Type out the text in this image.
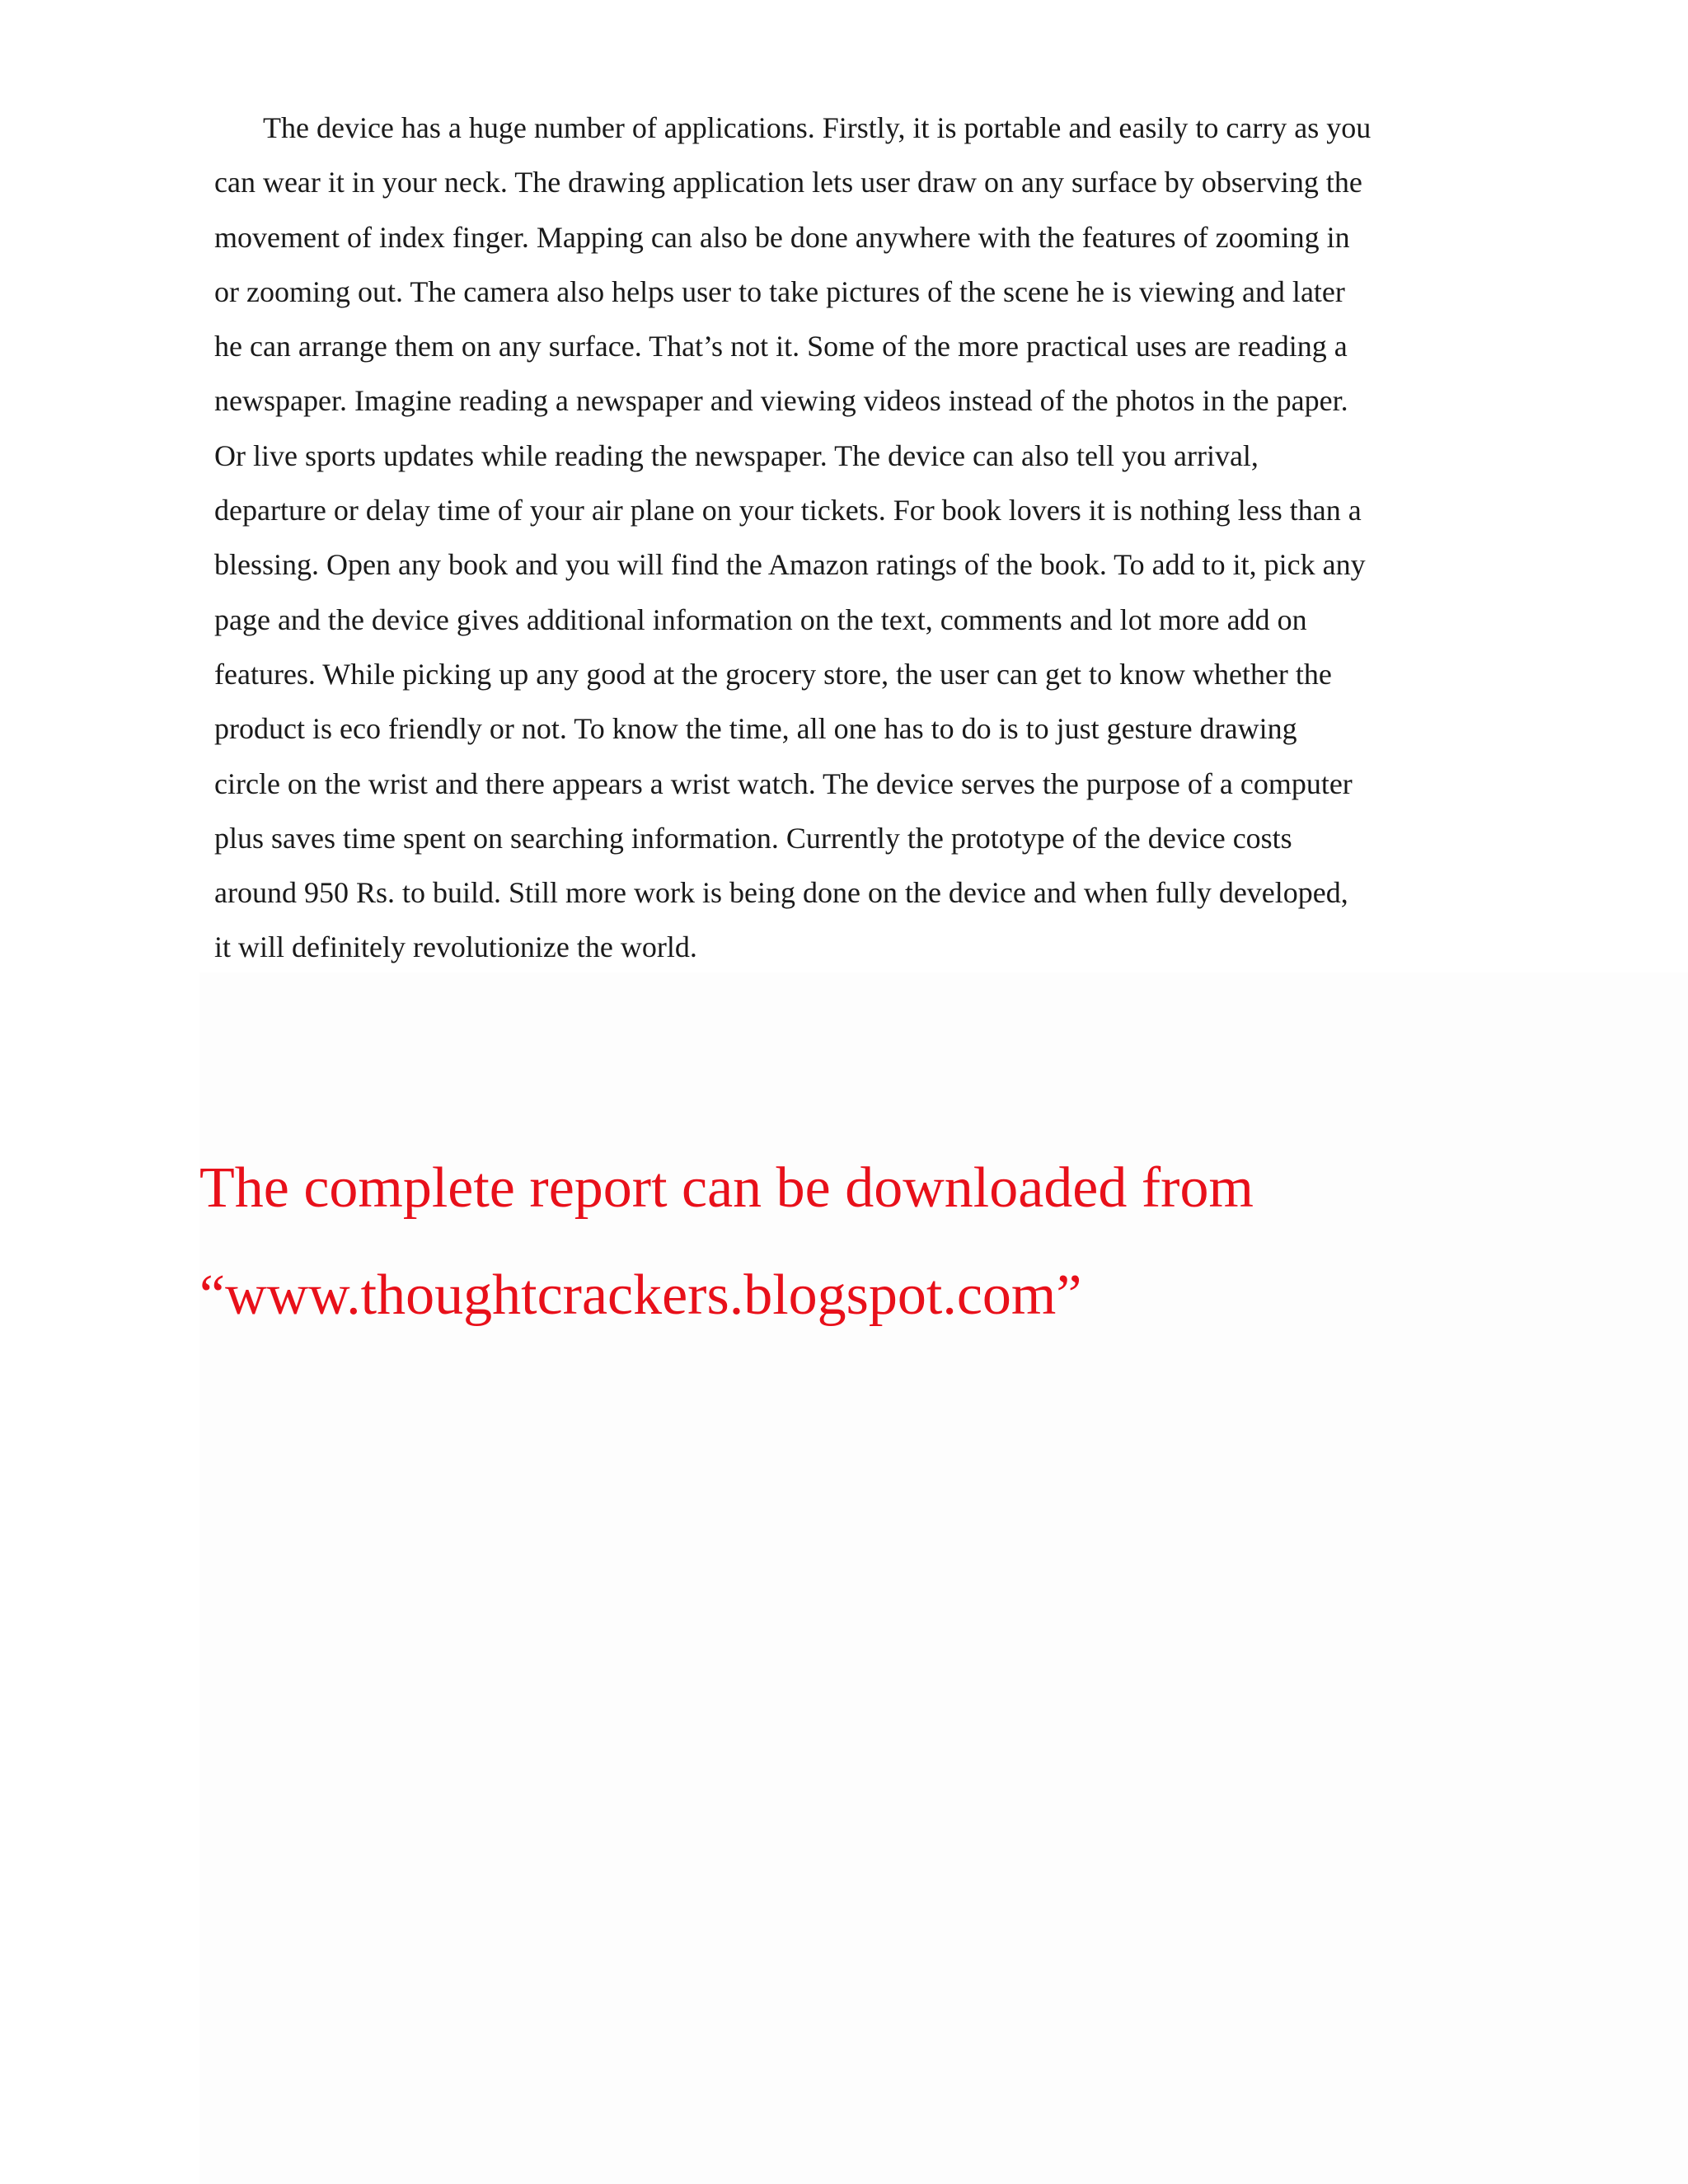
The device has a huge number of applications. Firstly, it is portable and easily to carry as you
can wear it in your neck. The drawing application lets user draw on any surface by observing the
movement of index finger. Mapping can also be done anywhere with the features of zooming in
or zooming out. The camera also helps user to take pictures of the scene he is viewing and later
he can arrange them on any surface. That’s not it. Some of the more practical uses are reading a
newspaper. Imagine reading a newspaper and viewing videos instead of the photos in the paper.
Or live sports updates while reading the newspaper. The device can also tell you arrival,
departure or delay time of your air plane on your tickets. For book lovers it is nothing less than a
blessing. Open any book and you will find the Amazon ratings of the book. To add to it, pick any
page and the device gives additional information on the text, comments and lot more add on
features. While picking up any good at the grocery store, the user can get to know whether the
product is eco friendly or not. To know the time, all one has to do is to just gesture drawing
circle on the wrist and there appears a wrist watch. The device serves the purpose of a computer
plus saves time spent on searching information. Currently the prototype of the device costs
around 950 Rs. to build. Still more work is being done on the device and when fully developed,
it will definitely revolutionize the world.
The complete report can be downloaded from
“www.thoughtcrackers.blogspot.com”
